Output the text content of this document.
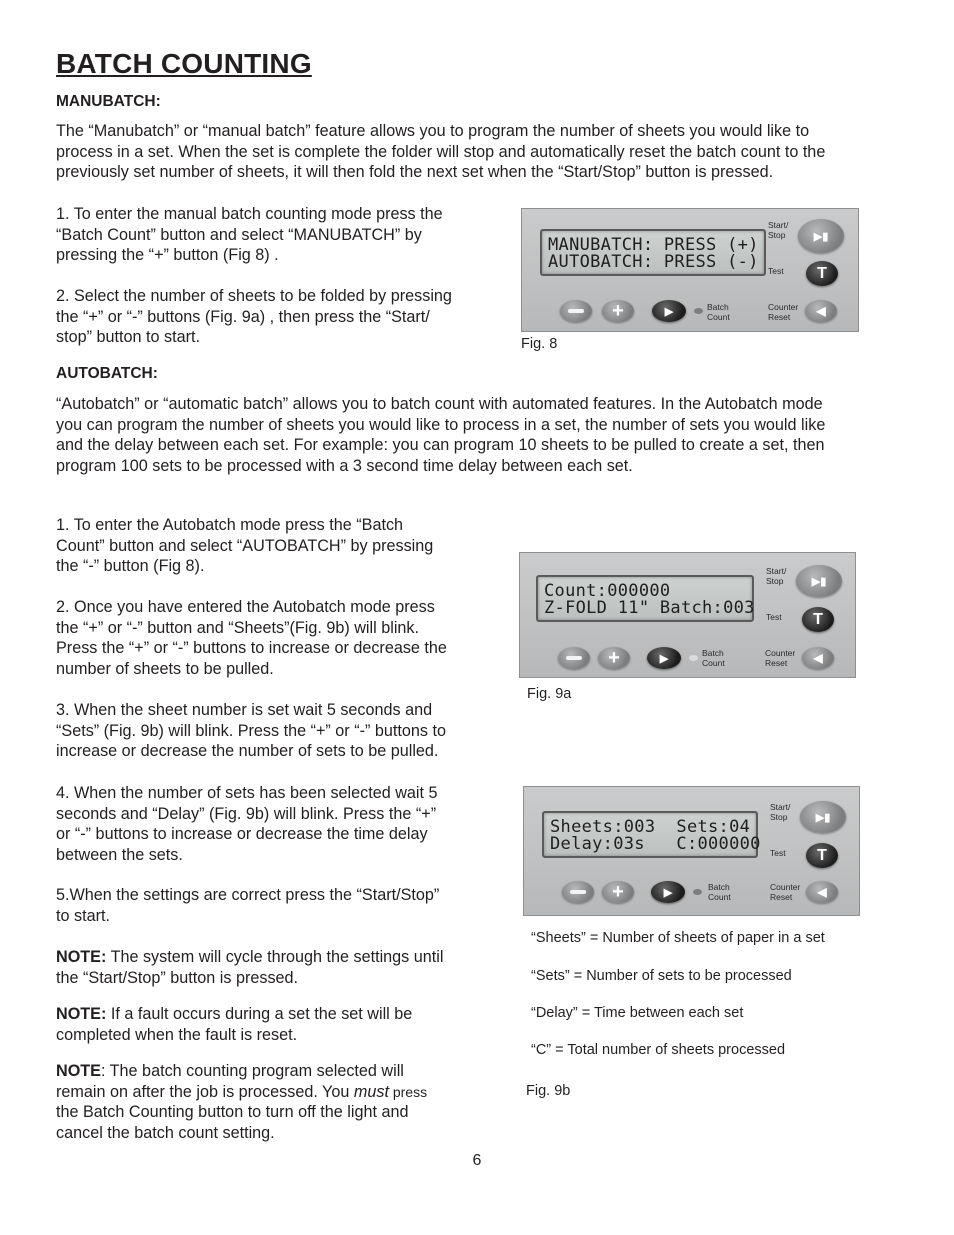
BATCH COUNTING
MANUBATCH:
The “Manubatch” or “manual batch” feature allows you to program the number of sheets you would like to
process in a set. When the set is complete the folder will stop and automatically reset the batch count to the
previously set number of sheets, it will then fold the next set when the “Start/Stop” button is pressed.
1. To enter the manual batch counting mode press the
“Batch Count” button and select “MANUBATCH” by
pressing the “+” button (Fig 8) .
2. Select the number of sheets to be folded by pressing
the “+” or “-” buttons (Fig. 9a) , then press the “Start/
stop” button to start.
AUTOBATCH:
“Autobatch” or “automatic batch” allows you to batch count with automated features. In the Autobatch mode
you can program the number of sheets you would like to process in a set, the number of sets you would like
and the delay between each set. For example: you can program 10 sheets to be pulled to create a set, then
program 100 sets to be processed with a 3 second time delay between each set.
1. To enter the Autobatch mode press the “Batch
Count” button and select “AUTOBATCH” by pressing
the “-” button (Fig 8).
2. Once you have entered the Autobatch mode press
the “+” or “-” button and “Sheets”(Fig. 9b) will blink.
Press the “+” or “-” buttons to increase or decrease the
number of sheets to be pulled.
3. When the sheet number is set wait 5 seconds and
“Sets” (Fig. 9b) will blink. Press the “+” or “-” buttons to
increase or decrease the number of sets to be pulled.
4. When the number of sets has been selected wait 5
seconds and “Delay” (Fig. 9b) will blink. Press the “+”
or “-” buttons to increase or decrease the time delay
between the sets.
5.When the settings are correct press the “Start/Stop”
to start.
NOTE: The system will cycle through the settings until
the “Start/Stop” button is pressed.
NOTE: If a fault occurs during a set the set will be
completed when the fault is reset.
NOTE: The batch counting program selected will
remain on after the job is processed. You must press
the Batch Counting button to turn off the light and
cancel the batch count setting.
MANUBATCH: PRESS (+)
AUTOBATCH: PRESS (-)
Start/
Stop	▶▮
Test T
+	▶	Batch
Count
Counter
Reset	◀
Fig. 8
Count:000000
Z-FOLD 11" Batch:003
Start/
Stop	▶▮
Test T
+	▶	Batch
Count
Counter
Reset	◀
Fig. 9a
Sheets:003  Sets:04
Delay:03s   C:000000
Start/
Stop	▶▮
Test T
+	▶	Batch
Count
Counter
Reset	◀
“Sheets” = Number of sheets of paper in a set
“Sets” = Number of sets to be processed
“Delay” = Time between each set
“C” = Total number of sheets processed
Fig. 9b
6
